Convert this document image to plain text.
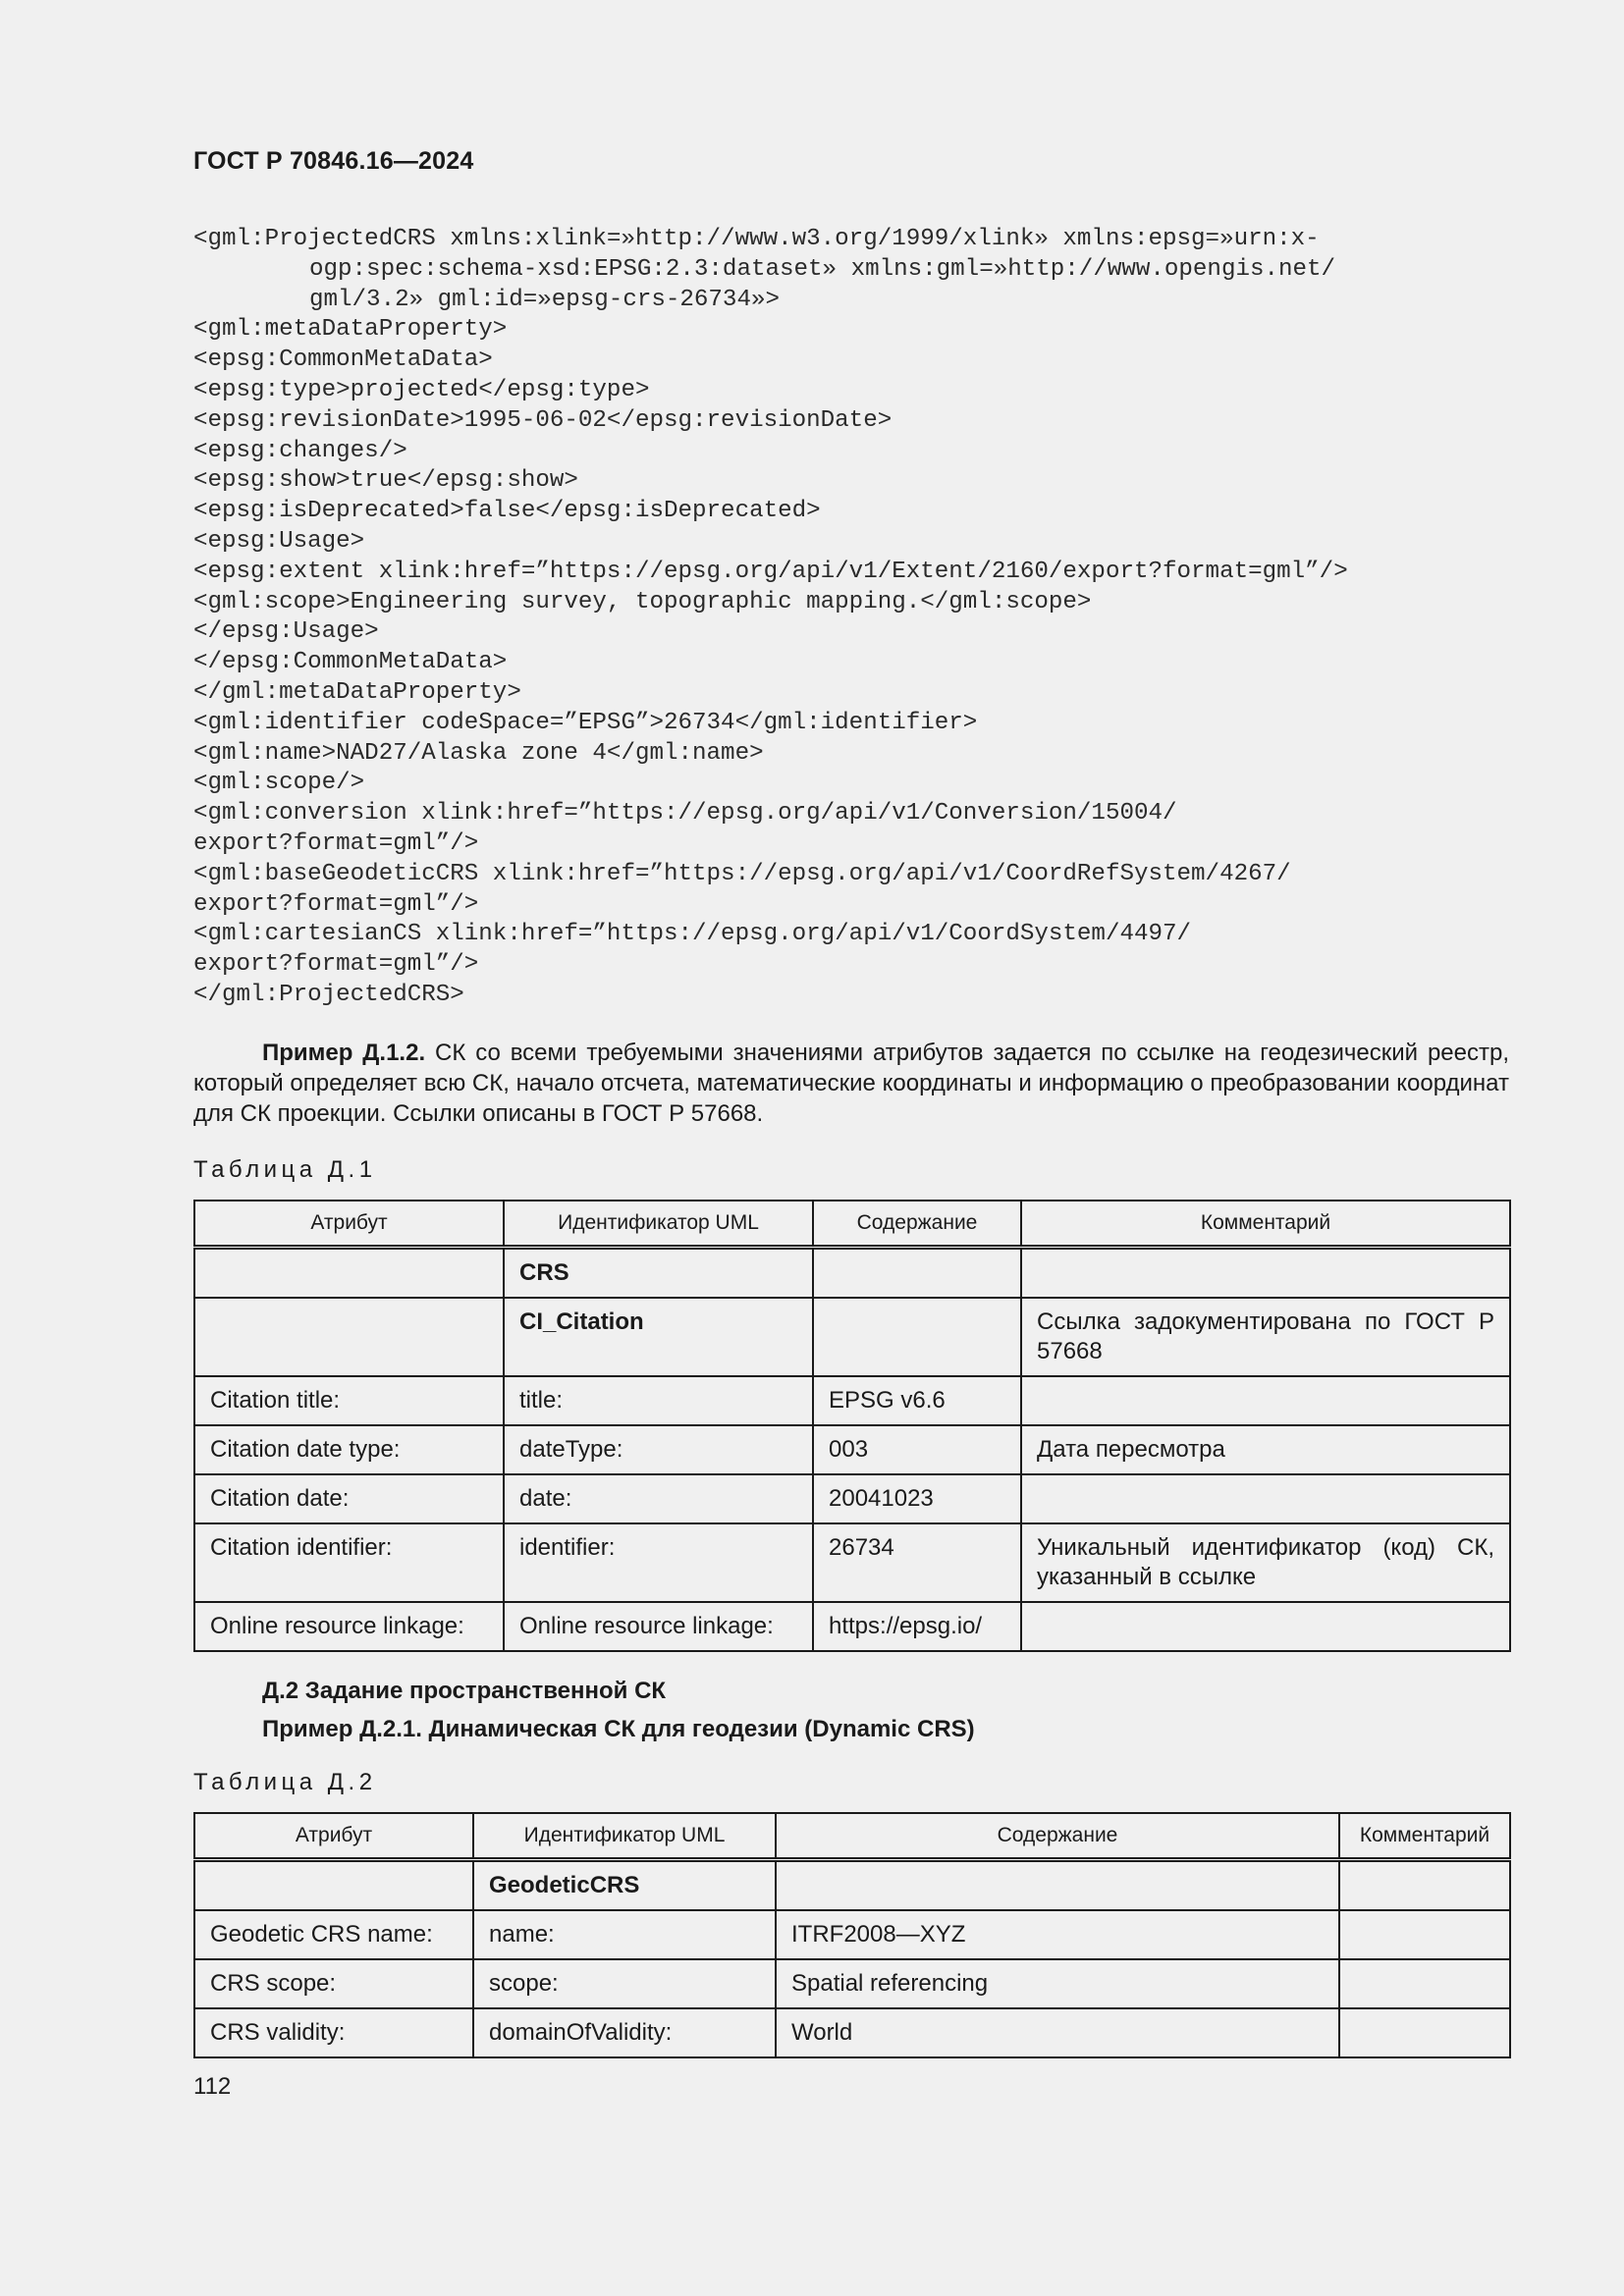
ГОСТ Р 70846.16—2024
<gml:ProjectedCRS xmlns:xlink=»http://www.w3.org/1999/xlink» xmlns:epsg=»urn:x-
ogp:spec:schema-xsd:EPSG:2.3:dataset» xmlns:gml=»http://www.opengis.net/
gml/3.2» gml:id=»epsg-crs-26734»>
<gml:metaDataProperty>
<epsg:CommonMetaData>
<epsg:type>projected</epsg:type>
<epsg:revisionDate>1995-06-02</epsg:revisionDate>
<epsg:changes/>
<epsg:show>true</epsg:show>
<epsg:isDeprecated>false</epsg:isDeprecated>
<epsg:Usage>
<epsg:extent xlink:href=”https://epsg.org/api/v1/Extent/2160/export?format=gml”/>
<gml:scope>Engineering survey, topographic mapping.</gml:scope>
</epsg:Usage>
</epsg:CommonMetaData>
</gml:metaDataProperty>
<gml:identifier codeSpace=”EPSG”>26734</gml:identifier>
<gml:name>NAD27/Alaska zone 4</gml:name>
<gml:scope/>
<gml:conversion xlink:href=”https://epsg.org/api/v1/Conversion/15004/
export?format=gml”/>
<gml:baseGeodeticCRS xlink:href=”https://epsg.org/api/v1/CoordRefSystem/4267/
export?format=gml”/>
<gml:cartesianCS xlink:href=”https://epsg.org/api/v1/CoordSystem/4497/
export?format=gml”/>
</gml:ProjectedCRS>
Пример Д.1.2. СК со всеми требуемыми значениями атрибутов задается по ссылке на геодезический реестр, который определяет всю СК, начало отсчета, математические координаты и информацию о преобразовании координат для СК проекции. Ссылки описаны в ГОСТ Р 57668.
Таблица Д.1
Атрибут	Идентификатор UML	Содержание	Комментарий
	CRS		
	CI_Citation		Ссылка задокументирована по ГОСТ Р 57668
Citation title:	title:	EPSG v6.6	
Citation date type:	dateType:	003	Дата пересмотра
Citation date:	date:	20041023	
Citation identifier:	identifier:	26734	Уникальный идентификатор (код) СК, указанный в ссылке
Online resource linkage:	Online resource linkage:	https://epsg.io/	
Д.2 Задание пространственной СК
Пример Д.2.1. Динамическая СК для геодезии (Dynamic CRS)
Таблица Д.2
Атрибут	Идентификатор UML	Содержание	Комментарий
	GeodeticCRS		
Geodetic CRS name:	name:	ITRF2008—XYZ	
CRS scope:	scope:	Spatial referencing	
CRS validity:	domainOfValidity:	World	
112
